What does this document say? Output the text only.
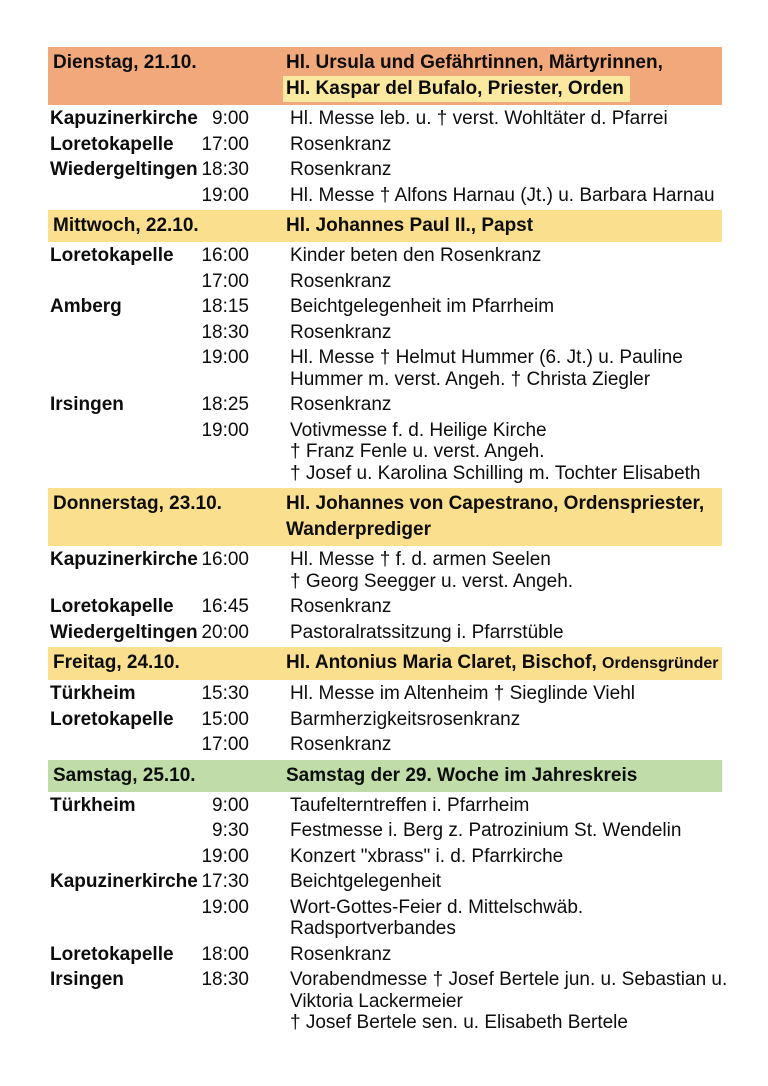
Dienstag, 21.10.	Hl. Ursula und Gefährtinnen, Märtyrinnen,
Hl. Kaspar del Bufalo, Priester, Orden
Kapuzinerkirche 9:00 Hl. Messe leb. u. † verst. Wohltäter d. Pfarrei
Loretokapelle	17:00 Rosenkranz
Wiedergeltingen 18:30 Rosenkranz
19:00 Hl. Messe † Alfons Harnau (Jt.) u. Barbara Harnau
Mittwoch, 22.10.	Hl. Johannes Paul II., Papst
Loretokapelle	16:00 Kinder beten den Rosenkranz
17:00 Rosenkranz
Amberg	18:15 Beichtgelegenheit im Pfarrheim
18:30 Rosenkranz
19:00 Hl. Messe † Helmut Hummer (6. Jt.) u. Pauline
Hummer m. verst. Angeh. † Christa Ziegler
Irsingen	18:25 Rosenkranz
19:00 Votivmesse f. d. Heilige Kirche
† Franz Fenle u. verst. Angeh.
† Josef u. Karolina Schilling m. Tochter Elisabeth
Donnerstag, 23.10.	Hl. Johannes von Capestrano, Ordenspriester,
Wanderprediger
Kapuzinerkirche 16:00 Hl. Messe † f. d. armen Seelen
† Georg Seegger u. verst. Angeh.
Loretokapelle	16:45 Rosenkranz
Wiedergeltingen 20:00 Pastoralratssitzung i. Pfarrstüble
Freitag, 24.10.	Hl. Antonius Maria Claret, Bischof, Ordensgründer
Türkheim	15:30 Hl. Messe im Altenheim † Sieglinde Viehl
Loretokapelle	15:00 Barmherzigkeitsrosenkranz
17:00 Rosenkranz
Samstag, 25.10.	Samstag der 29. Woche im Jahreskreis
Türkheim	9:00 Taufelterntreffen i. Pfarrheim
9:30 Festmesse i. Berg z. Patrozinium St. Wendelin
19:00 Konzert "xbrass" i. d. Pfarrkirche
Kapuzinerkirche 17:30 Beichtgelegenheit
19:00 Wort-Gottes-Feier d. Mittelschwäb.
Radsportverbandes
Loretokapelle	18:00 Rosenkranz
Irsingen	18:30 Vorabendmesse † Josef Bertele jun. u. Sebastian u.
Viktoria Lackermeier
† Josef Bertele sen. u. Elisabeth Bertele
